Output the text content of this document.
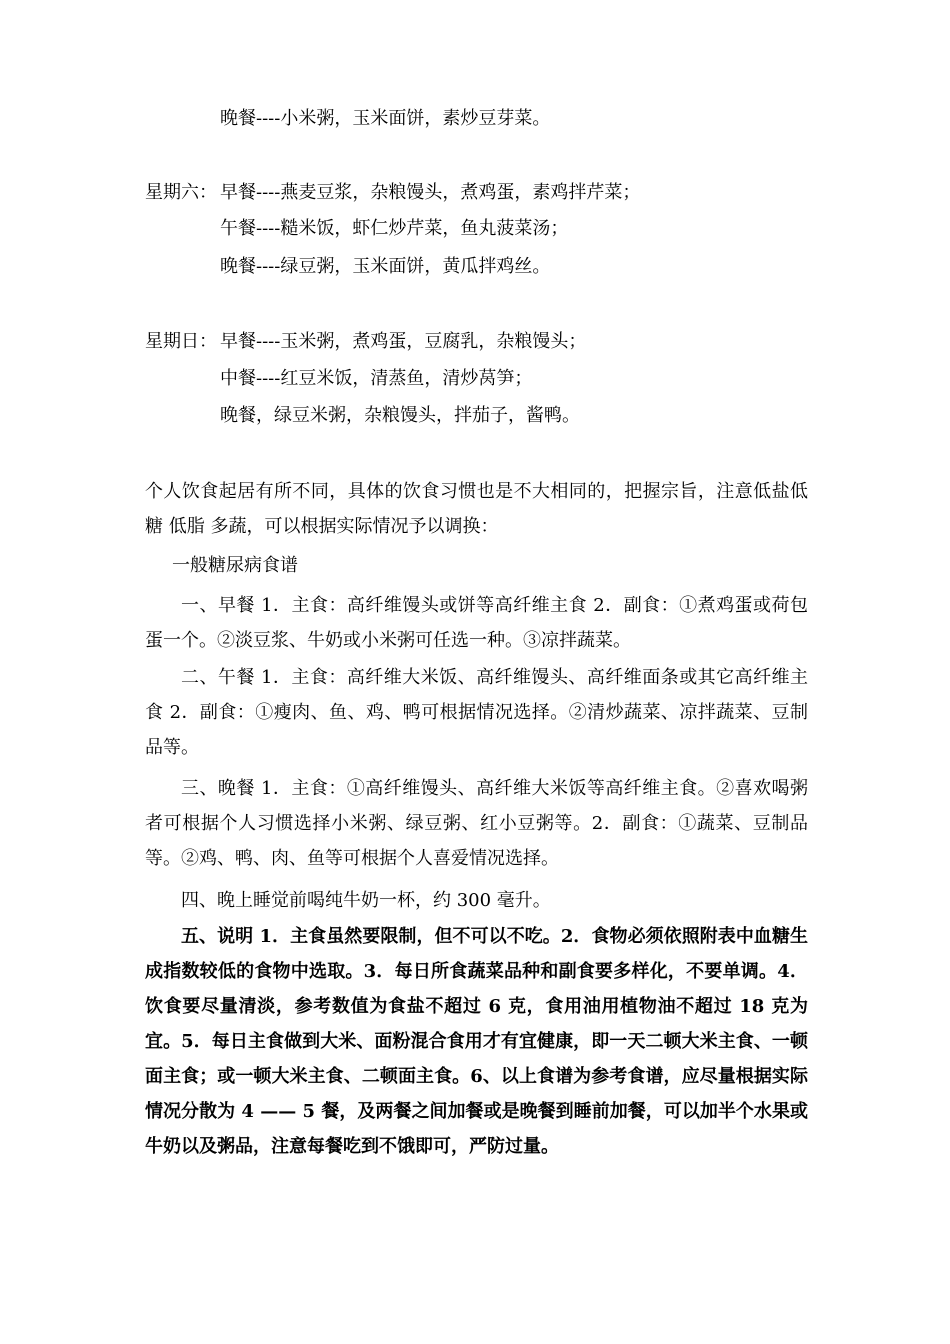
晚餐----小米粥，玉米面饼，素炒豆芽菜。
星期六： 早餐----燕麦豆浆，杂粮馒头，煮鸡蛋，素鸡拌芹菜；
午餐----糙米饭，虾仁炒芹菜，鱼丸菠菜汤；
晚餐----绿豆粥，玉米面饼，黄瓜拌鸡丝。
星期日： 早餐----玉米粥，煮鸡蛋，豆腐乳，杂粮馒头；
中餐----红豆米饭，清蒸鱼，清炒莴笋；
晚餐，绿豆米粥，杂粮馒头，拌茄子，酱鸭。

个人饮食起居有所不同，具体的饮食习惯也是不大相同的，把握宗旨，注意低盐低糖 低脂 多蔬，可以根据实际情况予以调换：

一般糖尿病食谱

一、早餐 1．主食：高纤维馒头或饼等高纤维主食 2．副食：①煮鸡蛋或荷包蛋一个。②淡豆浆、牛奶或小米粥可任选一种。③凉拌蔬菜。

二、午餐 1．主食：高纤维大米饭、高纤维馒头、高纤维面条或其它高纤维主食 2．副食：①瘦肉、鱼、鸡、鸭可根据情况选择。②清炒蔬菜、凉拌蔬菜、豆制品等。

三、晚餐 1．主食：①高纤维馒头、高纤维大米饭等高纤维主食。②喜欢喝粥者可根据个人习惯选择小米粥、绿豆粥、红小豆粥等。2．副食：①蔬菜、豆制品等。②鸡、鸭、肉、鱼等可根据个人喜爱情况选择。

四、晚上睡觉前喝纯牛奶一杯，约 300 毫升。

五、说明 1．主食虽然要限制，但不可以不吃。2．食物必须依照附表中血糖生成指数较低的食物中选取。3．每日所食蔬菜品种和副食要多样化，不要单调。4．饮食要尽量清淡，参考数值为食盐不超过 6 克，食用油用植物油不超过 18 克为宜。5．每日主食做到大米、面粉混合食用才有宜健康，即一天二顿大米主食、一顿面主食；或一顿大米主食、二顿面主食。6、以上食谱为参考食谱，应尽量根据实际情况分散为 4 —— 5 餐，及两餐之间加餐或是晚餐到睡前加餐，可以加半个水果或牛奶以及粥品，注意每餐吃到不饿即可，严防过量。
